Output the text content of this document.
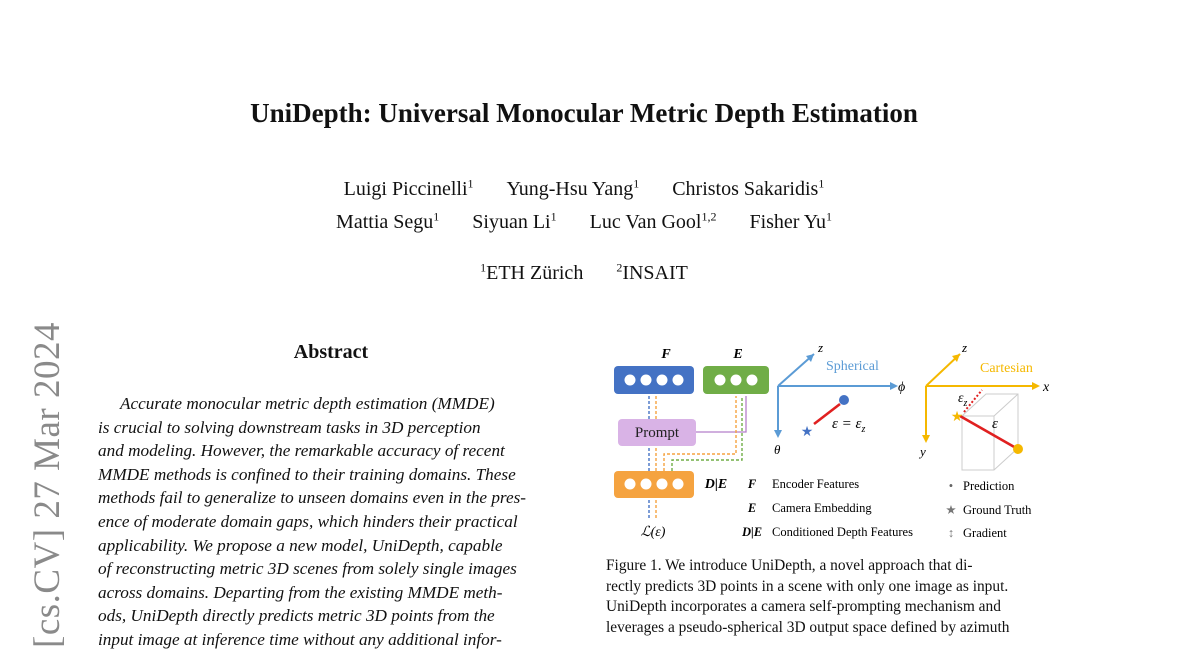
[cs.CV] 27 Mar 2024
UniDepth: Universal Monocular Metric Depth Estimation
Luigi Piccinelli$^1$ Yung-Hsu Yang$^1$ Christos Sakaridis$^1$
Mattia Segu$^1$ Siyuan Li$^1$ Luc Van Gool$^{1,2}$ Fisher Yu$^1$
$^1$ETH Zürich	$^2$INSAIT
Abstract
Accurate monocular metric depth estimation (MMDE)
is crucial to solving downstream tasks in 3D perception
and modeling. However, the remarkable accuracy of recent
MMDE methods is confined to their training domains. These
methods fail to generalize to unseen domains even in the pres-
ence of moderate domain gaps, which hinders their practical
applicability. We propose a new model, UniDepth, capable
of reconstructing metric 3D scenes from solely single images
across domains. Departing from the existing MMDE meth-
ods, UniDepth directly predicts metric 3D points from the
input image at inference time without any additional infor-
F	E
Prompt
D|E
ℒ(ε)
F Encoder Features
E Camera Embedding
D|E Conditioned Depth Features
• Prediction
★ Ground Truth
↕ Gradient
z
Spherical
ϕ
θ
★
$\varepsilon = \varepsilon_z$
z
Cartesian
x
y
★
$\varepsilon_z$
ε
Figure 1. We introduce UniDepth, a novel approach that di-
rectly predicts 3D points in a scene with only one image as input.
UniDepth incorporates a camera self-prompting mechanism and
leverages a pseudo-spherical 3D output space defined by azimuth
